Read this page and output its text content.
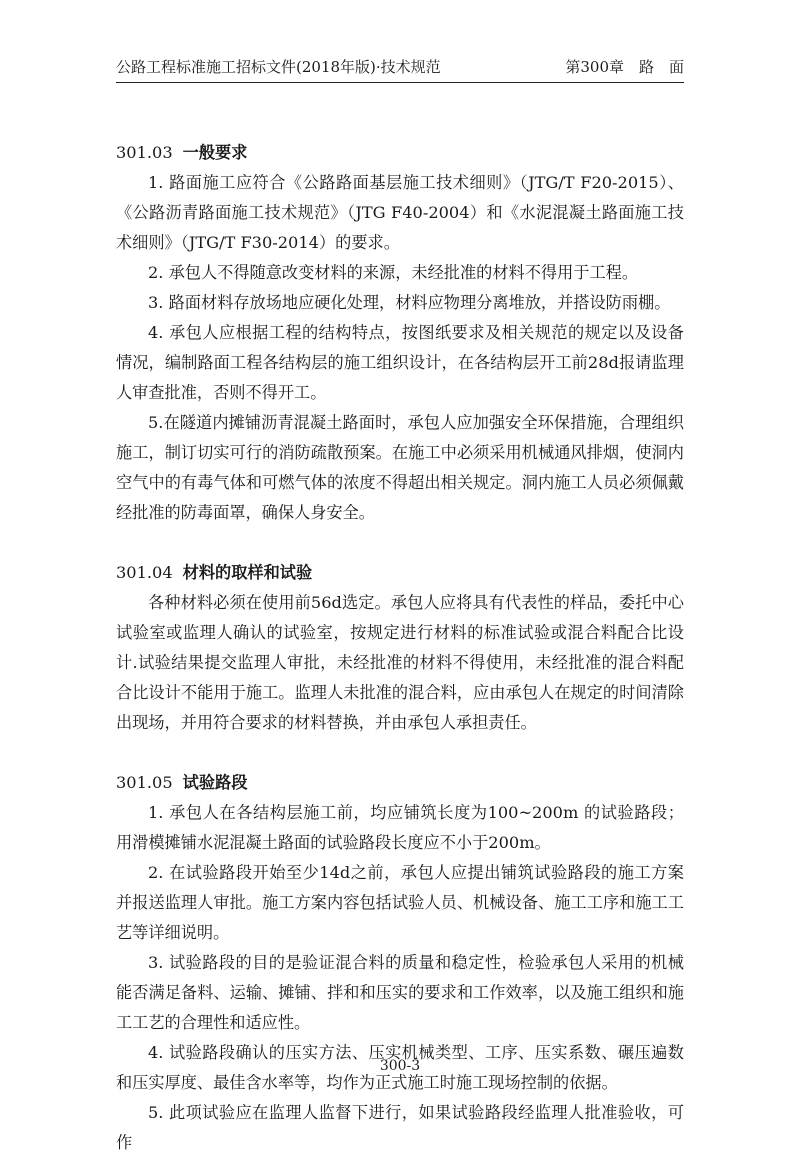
公路工程标准施工招标文件(2018年版)·技术规范	第300章　路　面
301.03 一般要求

1. 路面施工应符合《公路路面基层施工技术细则》（JTG/T F20-2015）、《公路沥青路面施工技术规范》（JTG F40-2004）和《水泥混凝土路面施工技术细则》（JTG/T F30-2014）的要求。

2. 承包人不得随意改变材料的来源，未经批准的材料不得用于工程。

3. 路面材料存放场地应硬化处理，材料应物理分离堆放，并搭设防雨棚。

4. 承包人应根据工程的结构特点，按图纸要求及相关规范的规定以及设备情况，编制路面工程各结构层的施工组织设计，在各结构层开工前28d报请监理人审查批准，否则不得开工。

5.在隧道内摊铺沥青混凝土路面时，承包人应加强安全环保措施，合理组织施工，制订切实可行的消防疏散预案。在施工中必须采用机械通风排烟，使洞内空气中的有毒气体和可燃气体的浓度不得超出相关规定。洞内施工人员必须佩戴经批准的防毒面罩，确保人身安全。

301.04 材料的取样和试验

各种材料必须在使用前56d选定。承包人应将具有代表性的样品，委托中心试验室或监理人确认的试验室，按规定进行材料的标准试验或混合料配合比设计.试验结果提交监理人审批，未经批准的材料不得使用，未经批准的混合料配合比设计不能用于施工。监理人未批准的混合料，应由承包人在规定的时间清除出现场，并用符合要求的材料替换，并由承包人承担责任。

301.05 试验路段

1. 承包人在各结构层施工前，均应铺筑长度为100~200m 的试验路段；用滑模摊铺水泥混凝土路面的试验路段长度应不小于200m。

2. 在试验路段开始至少14d之前，承包人应提出铺筑试验路段的施工方案并报送监理人审批。施工方案内容包括试验人员、机械设备、施工工序和施工工艺等详细说明。

3. 试验路段的目的是验证混合料的质量和稳定性，检验承包人采用的机械能否满足备料、运输、摊铺、拌和和压实的要求和工作效率，以及施工组织和施工工艺的合理性和适应性。

4. 试验路段确认的压实方法、压实机械类型、工序、压实系数、碾压遍数和压实厚度、最佳含水率等，均作为正式施工时施工现场控制的依据。

5. 此项试验应在监理人监督下进行，如果试验路段经监理人批准验收，可作

300-3
